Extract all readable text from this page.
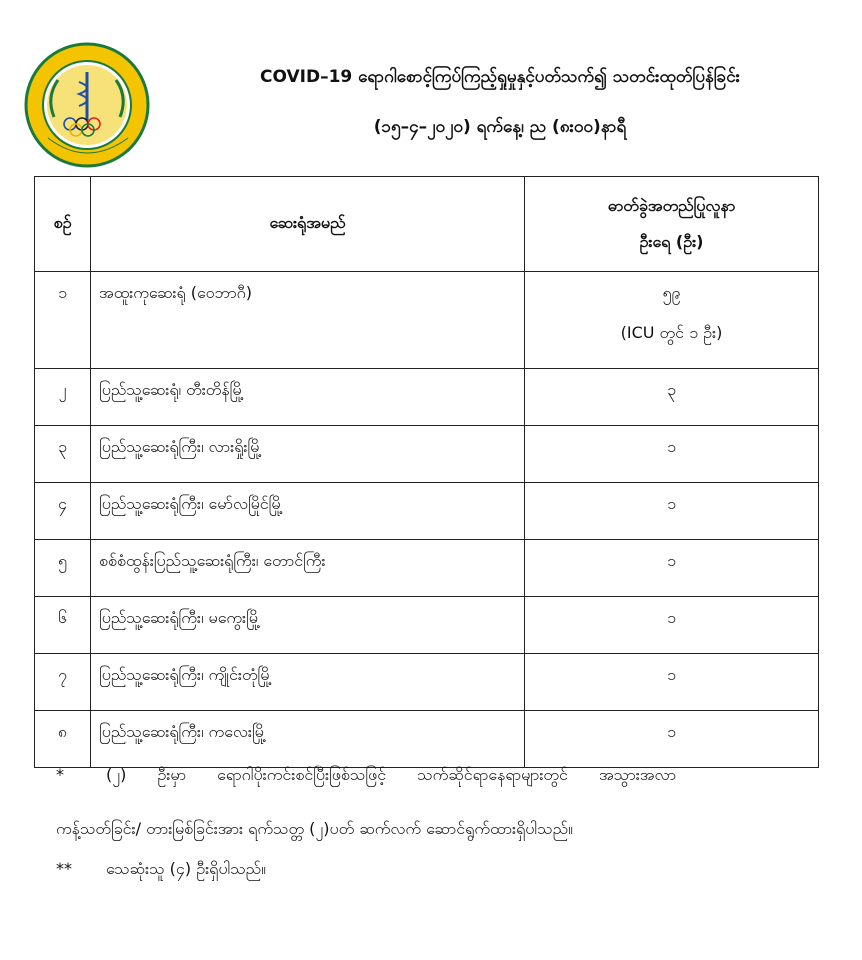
COVID–19 ရောဂါစောင့်ကြပ်ကြည့်ရှုမှုနှင့်ပတ်သက်၍ သတင်းထုတ်ပြန်ခြင်း
(၁၅–၄–၂၀၂၀) ရက်နေ့၊ ည (၈း၀၀)နာရီ
စဉ်	ဆေးရုံအမည်	ဓာတ်ခွဲအတည်ပြုလူနာ
ဦးရေ (ဦး)

၁	အထူးကုဆေးရုံ (ဝေဘာဂီ)	၅၉
(ICU တွင် ၁ ဦး)

၂	ပြည်သူ့ဆေးရုံ၊ တီးတိန်မြို့	၃
၃	ပြည်သူ့ဆေးရုံကြီး၊ လားရှိုးမြို့	၁
၄	ပြည်သူ့ဆေးရုံကြီး၊ မော်လမြိုင်မြို့	၁
၅	စစ်စံထွန်းပြည်သူ့ဆေးရုံကြီး၊ တောင်ကြီး	၁
၆	ပြည်သူ့ဆေးရုံကြီး၊ မကွေးမြို့	၁
၇	ပြည်သူ့ဆေးရုံကြီး၊ ကျိုင်းတုံမြို့	၁
၈	ပြည်သူ့ဆေးရုံကြီး၊ ကလေးမြို့	၁
*	(၂) ဦးမှာ ရောဂါပိုးကင်းစင်ပြီးဖြစ်သဖြင့် သက်ဆိုင်ရာနေရာများတွင် အသွားအလာ
ကန့်သတ်ခြင်း/ တားမြစ်ခြင်းအား ရက်သတ္တ (၂)ပတ် ဆက်လက် ဆောင်ရွက်ထားရှိပါသည်။
** သေဆုံးသူ (၄) ဦးရှိပါသည်။
